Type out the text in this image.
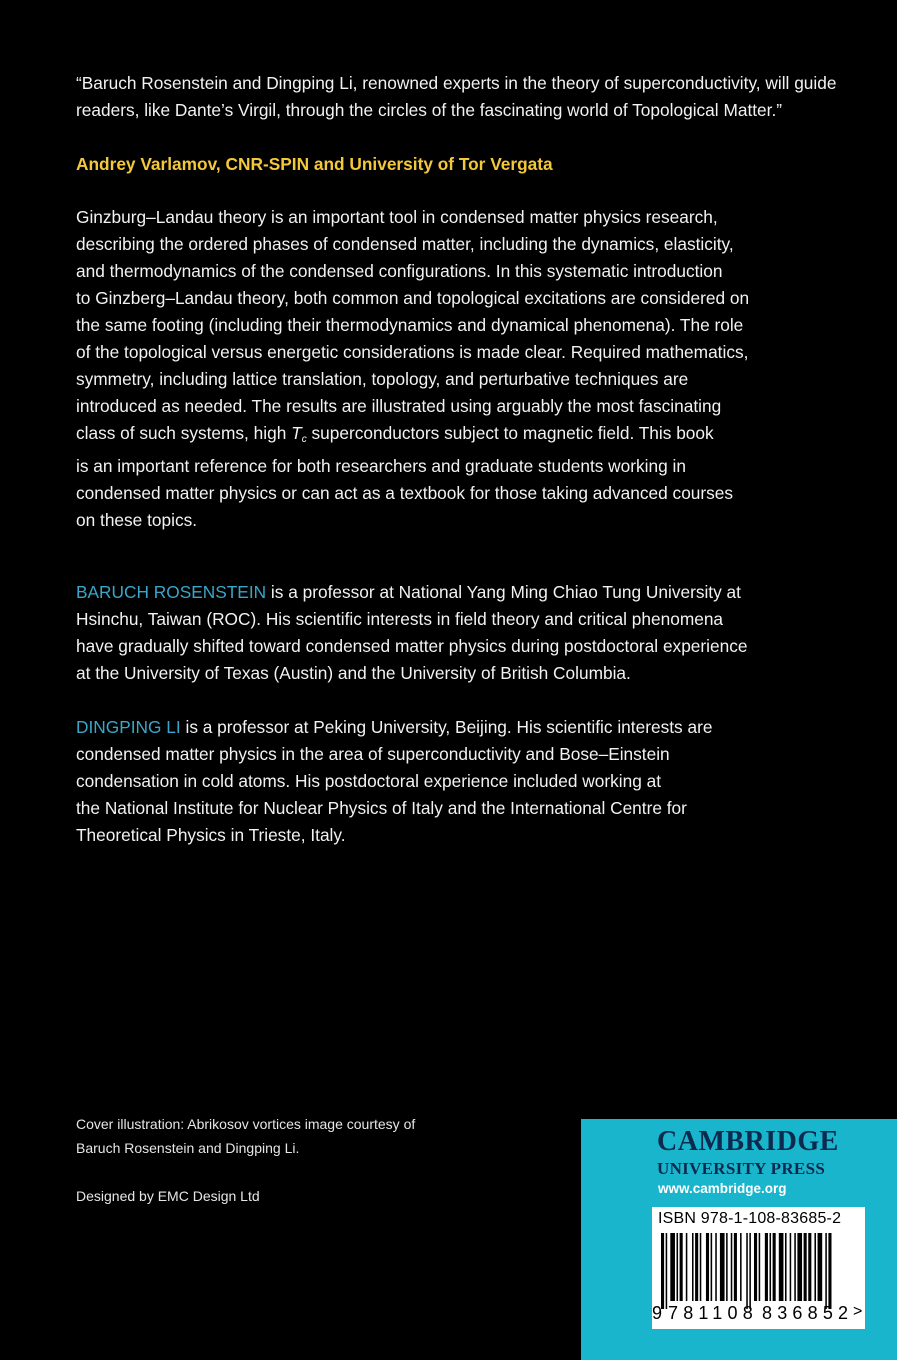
“Baruch Rosenstein and Dingping Li, renowned experts in the theory of superconductivity, will guide readers, like Dante’s Virgil, through the circles of the fascinating world of Topological Matter.”
Andrey Varlamov, CNR-SPIN and University of Tor Vergata

Ginzburg–Landau theory is an important tool in condensed matter physics research,

describing the ordered phases of condensed matter, including the dynamics, elasticity,

and thermodynamics of the condensed configurations. In this systematic introduction

to Ginzberg–Landau theory, both common and topological excitations are considered on

the same footing (including their thermodynamics and dynamical phenomena). The role

of the topological versus energetic considerations is made clear. Required mathematics,

symmetry, including lattice translation, topology, and perturbative techniques are

introduced as needed. The results are illustrated using arguably the most fascinating

class of such systems, high Tc superconductors subject to magnetic field. This book

is an important reference for both researchers and graduate students working in

condensed matter physics or can act as a textbook for those taking advanced courses

on these topics.

BARUCH ROSENSTEIN is a professor at National Yang Ming Chiao Tung University at

Hsinchu, Taiwan (ROC). His scientific interests in field theory and critical phenomena

have gradually shifted toward condensed matter physics during postdoctoral experience

at the University of Texas (Austin) and the University of British Columbia.

DINGPING LI is a professor at Peking University, Beijing. His scientific interests are

condensed matter physics in the area of superconductivity and Bose–Einstein

condensation in cold atoms. His postdoctoral experience included working at

the National Institute for Nuclear Physics of Italy and the International Centre for

Theoretical Physics in Trieste, Italy.

Cover illustration: Abrikosov vortices image courtesy of

Baruch Rosenstein and Dingping Li.

Designed by EMC Design Ltd

CAMBRIDGE
UNIVERSITY PRESS
www.cambridge.org
ISBN 978-1-108-83685-2
9 781108 836852 >
